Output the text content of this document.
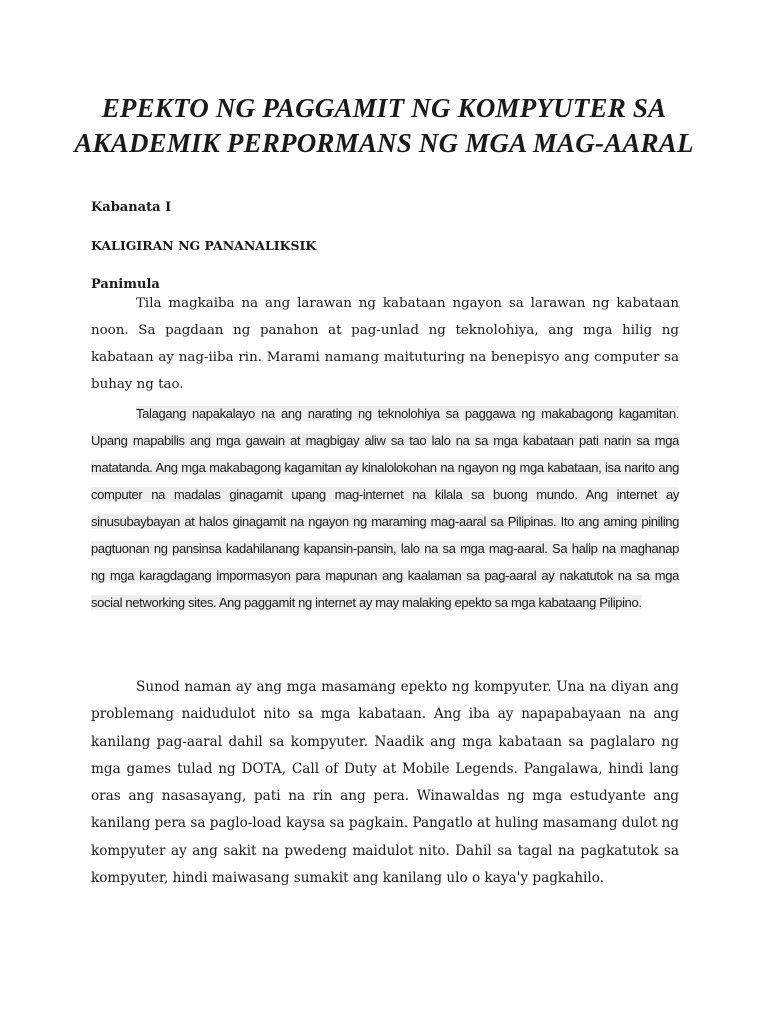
EPEKTO NG PAGGAMIT NG KOMPYUTER SA
AKADEMIK PERPORMANS NG MGA MAG-AARAL
Kabanata I
KALIGIRAN NG PANANALIKSIK
Panimula

Tila magkaiba na ang larawan ng kabataan ngayon sa larawan ng kabataan noon. Sa pagdaan ng panahon at pag-unlad ng teknolohiya, ang mga hilig ng kabataan ay nag-iiba rin. Marami namang maituturing na benepisyo ang computer sa buhay ng tao.

Talagang napakalayo na ang narating ng teknolohiya sa paggawa ng makabagong kagamitan. Upang mapabilis ang mga gawain at magbigay aliw sa tao lalo na sa mga kabataan pati narin sa mga matatanda. Ang mga makabagong kagamitan ay kinalolokohan na ngayon ng mga kabataan, isa narito ang computer na madalas ginagamit upang mag-internet na kilala sa buong mundo. Ang internet ay sinusubaybayan at halos ginagamit na ngayon ng maraming mag-aaral sa Pilipinas. Ito ang aming piniling pagtuonan ng pansinsa kadahilanang kapansin-pansin, lalo na sa mga mag-aaral. Sa halip na maghanap ng mga karagdagang impormasyon para mapunan ang kaalaman sa pag-aaral ay nakatutok na sa mga social networking sites. Ang paggamit ng internet ay may malaking epekto sa mga kabataang Pilipino.

Sunod naman ay ang mga masamang epekto ng kompyuter. Una na diyan ang problemang naidudulot nito sa mga kabataan. Ang iba ay napapabayaan na ang kanilang pag-aaral dahil sa kompyuter. Naadik ang mga kabataan sa paglalaro ng mga games tulad ng DOTA, Call of Duty at Mobile Legends. Pangalawa, hindi lang oras ang nasasayang, pati na rin ang pera. Winawaldas ng mga estudyante ang kanilang pera sa paglo-load kaysa sa pagkain. Pangatlo at huling masamang dulot ng kompyuter ay ang sakit na pwedeng maidulot nito. Dahil sa tagal na pagkatutok sa kompyuter, hindi maiwasang sumakit ang kanilang ulo o kaya'y pagkahilo.
